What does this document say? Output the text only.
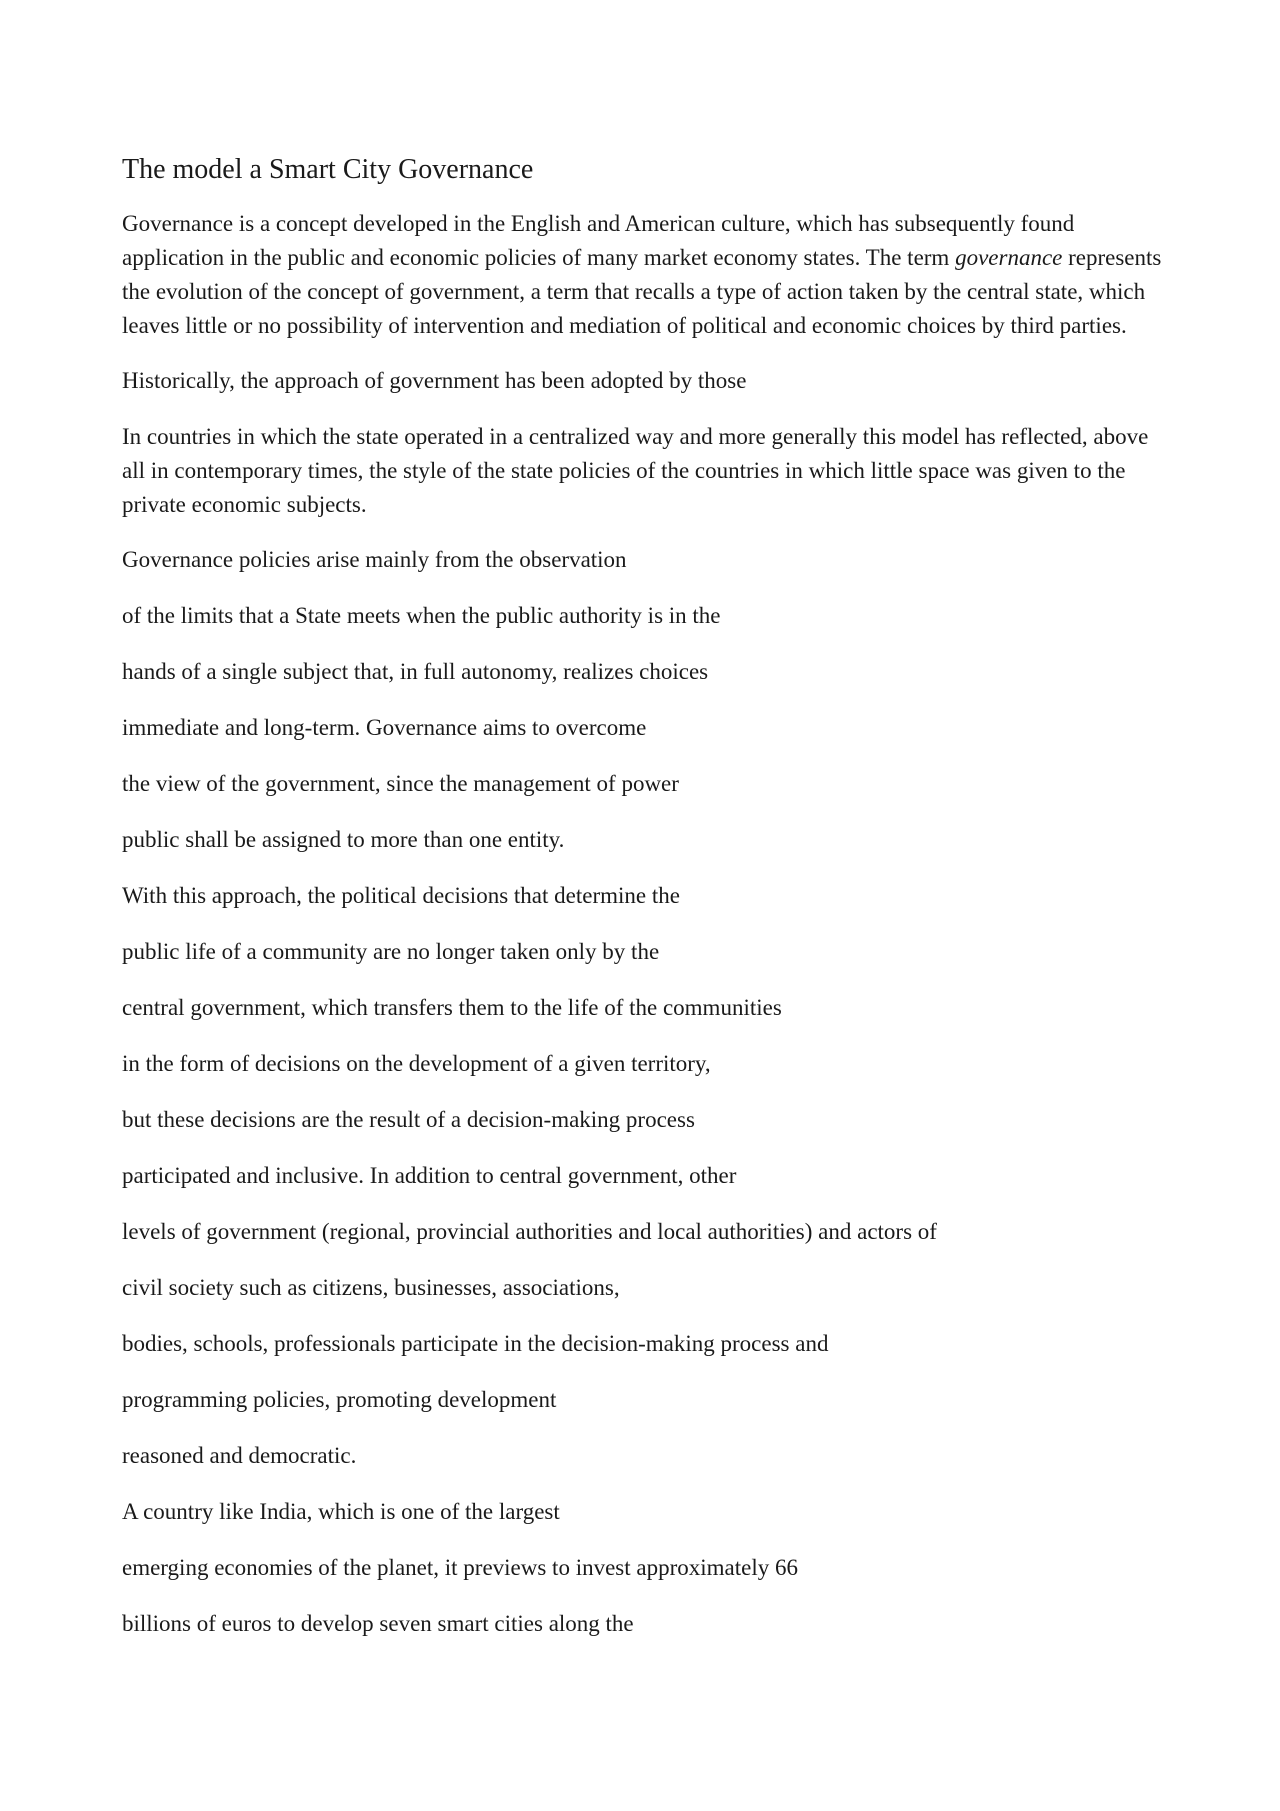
The model a Smart City Governance

Governance is a concept developed in the English and American culture, which has subsequently found application in the public and economic policies of many market economy states. The term governance represents the evolution of the concept of government, a term that recalls a type of action taken by the central state, which leaves little or no possibility of intervention and mediation of political and economic choices by third parties.

Historically, the approach of government has been adopted by those

In countries in which the state operated in a centralized way and more generally this model has reflected, above all in contemporary times, the style of the state policies of the countries in which little space was given to the private economic subjects.

Governance policies arise mainly from the observation

of the limits that a State meets when the public authority is in the

hands of a single subject that, in full autonomy, realizes choices

immediate and long-term. Governance aims to overcome

the view of the government, since the management of power

public shall be assigned to more than one entity.

With this approach, the political decisions that determine the

public life of a community are no longer taken only by the

central government, which transfers them to the life of the communities

in the form of decisions on the development of a given territory,

but these decisions are the result of a decision-making process

participated and inclusive. In addition to central government, other

levels of government (regional, provincial authorities and local authorities) and actors of

civil society such as citizens, businesses, associations,

bodies, schools, professionals participate in the decision-making process and

programming policies, promoting development

reasoned and democratic.

A country like India, which is one of the largest

emerging economies of the planet, it previews to invest approximately 66

billions of euros to develop seven smart cities along the
